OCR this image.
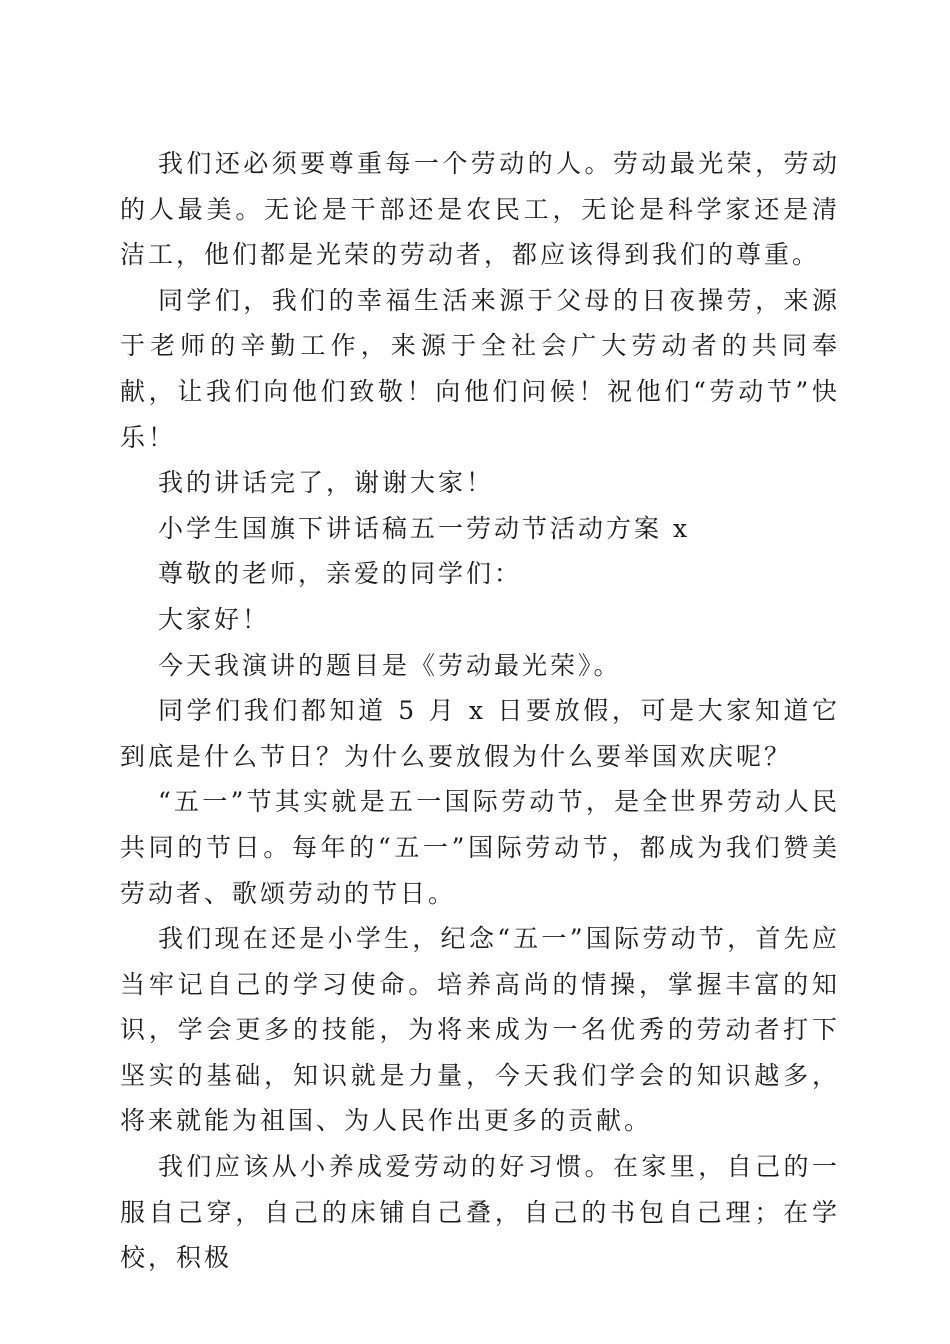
我们还必须要尊重每一个劳动的人。劳动最光荣，劳动的人最美。无论是干部还是农民工，无论是科学家还是清洁工，他们都是光荣的劳动者，都应该得到我们的尊重。

同学们，我们的幸福生活来源于父母的日夜操劳，来源于老师的辛勤工作，来源于全社会广大劳动者的共同奉献，让我们向他们致敬！向他们问候！祝他们“劳动节”快乐！

我的讲话完了，谢谢大家！

小学生国旗下讲话稿五一劳动节活动方案 x

尊敬的老师，亲爱的同学们：

大家好！

今天我演讲的题目是《劳动最光荣》。

同学们我们都知道 5 月 x 日要放假，可是大家知道它到底是什么节日？为什么要放假为什么要举国欢庆呢？

“五一”节其实就是五一国际劳动节，是全世界劳动人民共同的节日。每年的“五一”国际劳动节，都成为我们赞美劳动者、歌颂劳动的节日。

我们现在还是小学生，纪念“五一”国际劳动节，首先应当牢记自己的学习使命。培养高尚的情操，掌握丰富的知识，学会更多的技能，为将来成为一名优秀的劳动者打下坚实的基础，知识就是力量，今天我们学会的知识越多，将来就能为祖国、为人民作出更多的贡献。

我们应该从小养成爱劳动的好习惯。在家里，自己的一服自己穿，自己的床铺自己叠，自己的书包自己理；在学校，积极
